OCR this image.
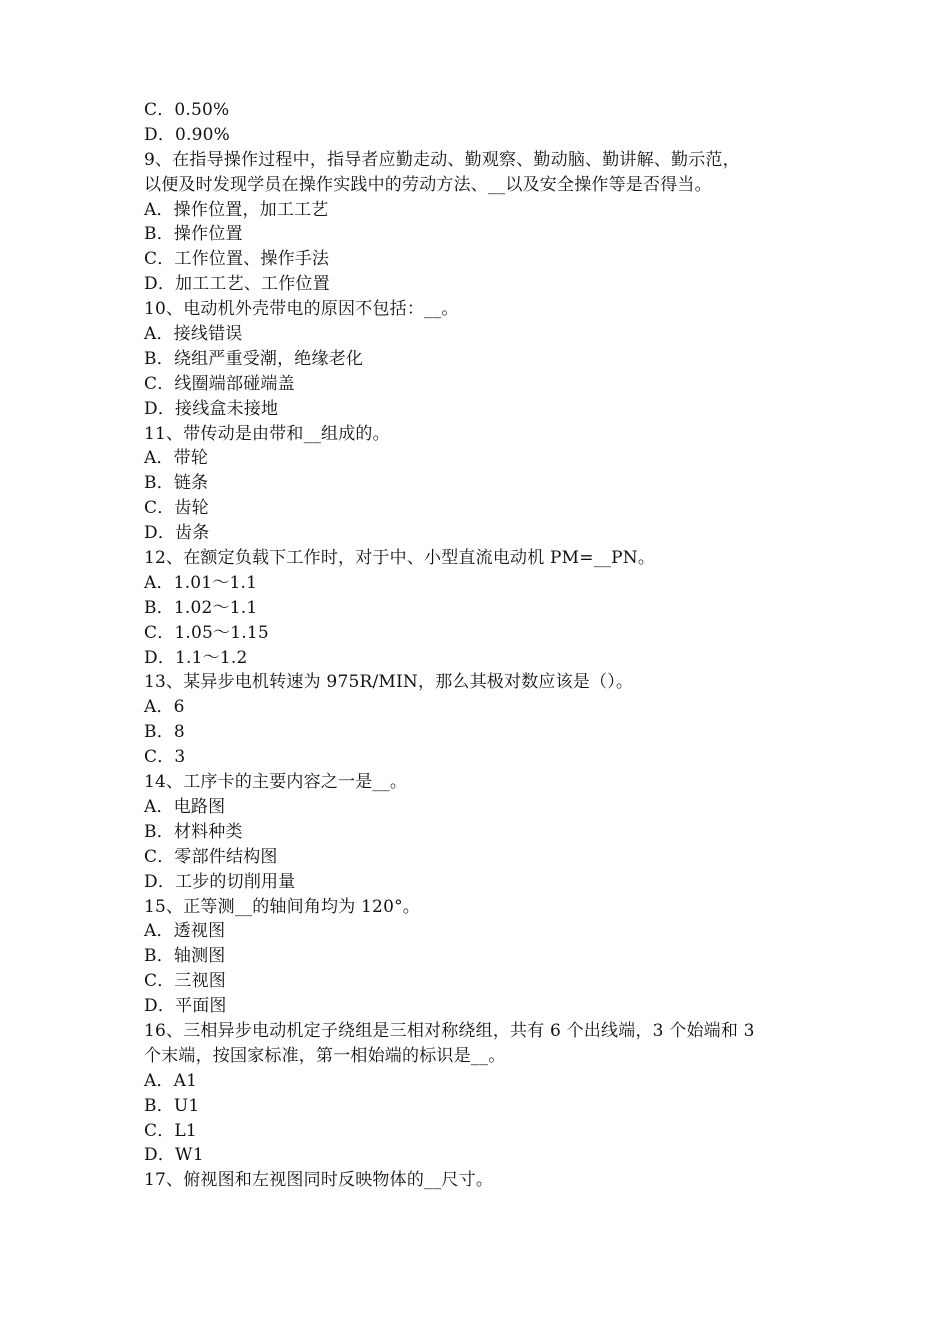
C．0.50%
D．0.90%
9、在指导操作过程中，指导者应勤走动、勤观察、勤动脑、勤讲解、勤示范，
以便及时发现学员在操作实践中的劳动方法、__以及安全操作等是否得当。
A．操作位置，加工工艺
B．操作位置
C．工作位置、操作手法
D．加工工艺、工作位置
10、电动机外壳带电的原因不包括：__。
A．接线错误
B．绕组严重受潮，绝缘老化
C．线圈端部碰端盖
D．接线盒未接地
11、带传动是由带和__组成的。
A．带轮
B．链条
C．齿轮
D．齿条
12、在额定负载下工作时，对于中、小型直流电动机 PM=__PN。
A．1.01～1.1
B．1.02～1.1
C．1.05～1.15
D．1.1～1.2
13、某异步电机转速为 975R/MIN，那么其极对数应该是（）。
A．6
B．8
C．3
14、工序卡的主要内容之一是__。
A．电路图
B．材料种类
C．零部件结构图
D．工步的切削用量
15、正等测__的轴间角均为 120°。
A．透视图
B．轴测图
C．三视图
D．平面图
16、三相异步电动机定子绕组是三相对称绕组，共有 6 个出线端，3 个始端和 3
个末端，按国家标准，第一相始端的标识是__。
A．A1
B．U1
C．L1
D．W1
17、俯视图和左视图同时反映物体的__尺寸。
